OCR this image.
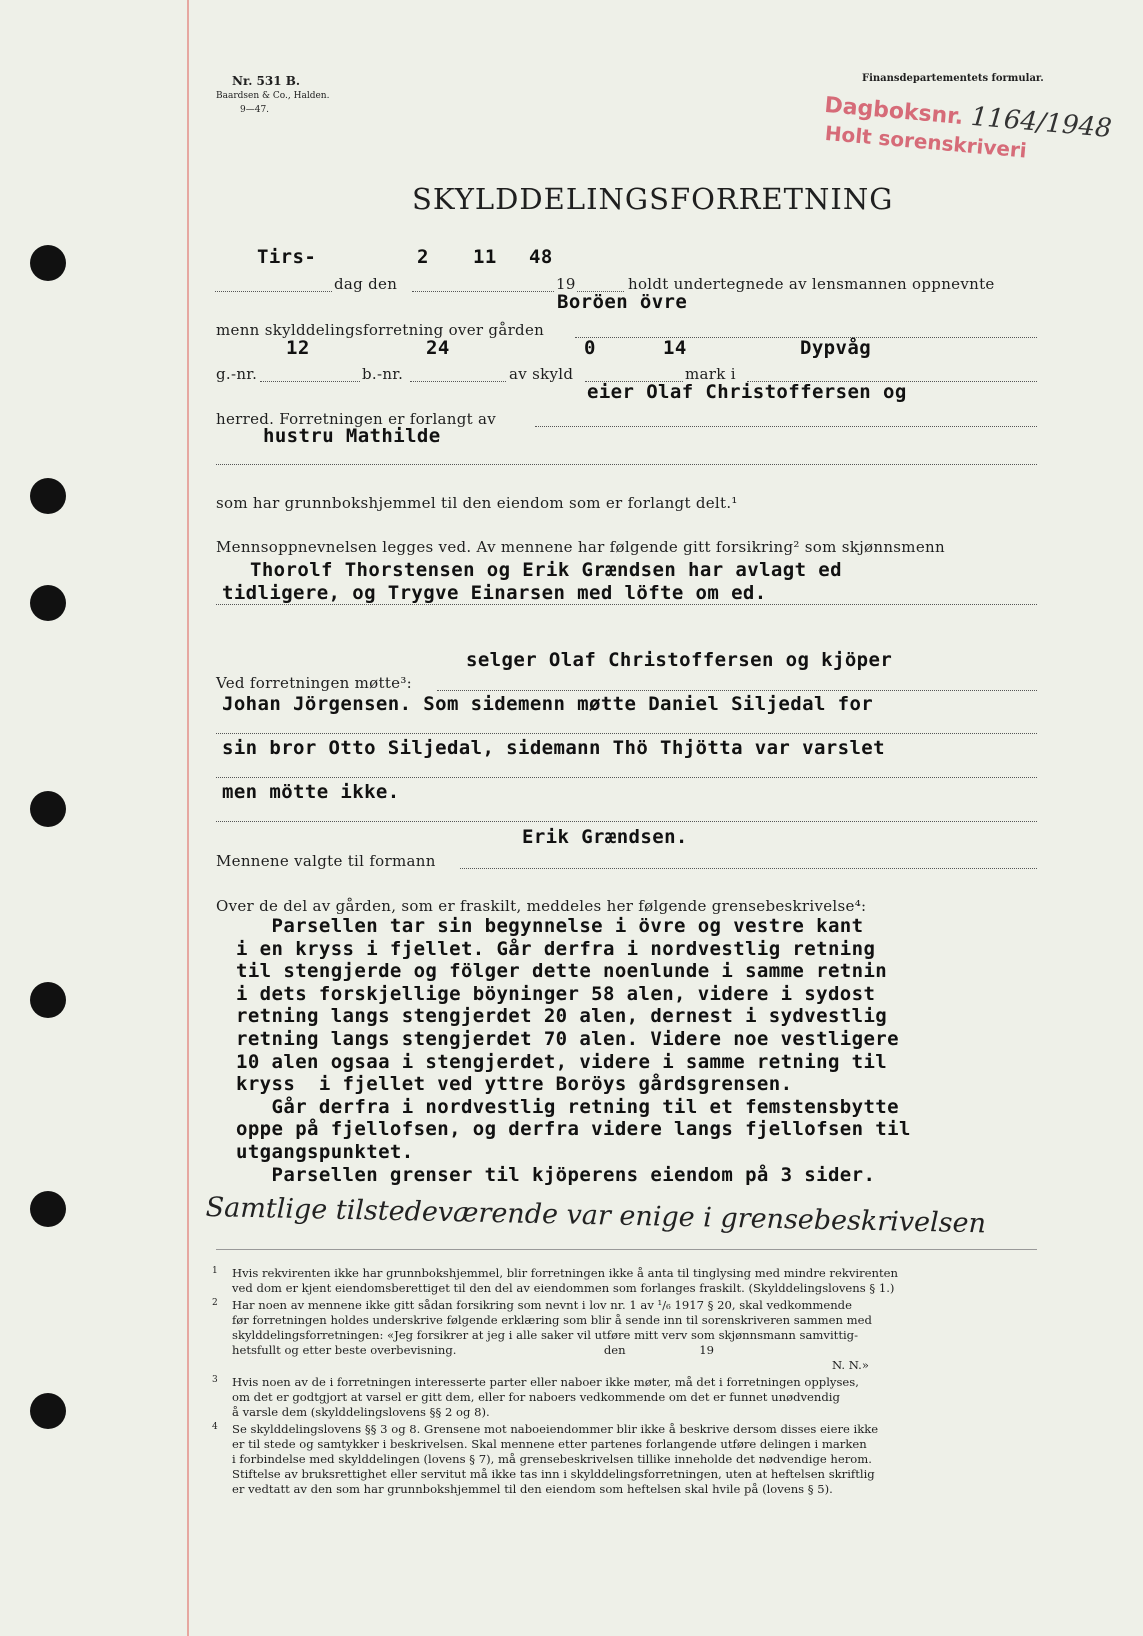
Nr. 531 B.
Baardsen & Co., Halden.
9—47.
Finansdepartementets formular.
Dagboksnr. 1164/1948
Holt sorenskriveri
SKYLDDELINGSFORRETNING
Tirs-	2 11 48
dag den	19	holdt undertegnede av lensmannen oppnevnte
Boröen övre
menn skylddelingsforretning over gården
12	24	0	14	Dypvåg
g.-nr.	b.-nr.	av skyld	mark i
eier Olaf Christoffersen og
herred. Forretningen er forlangt av
hustru Mathilde
som har grunnbokshjemmel til den eiendom som er forlangt delt.¹
Mennsoppnevnelsen legges ved. Av mennene har følgende gitt forsikring² som skjønnsmenn
Thorolf Thorstensen og Erik Grændsen har avlagt ed
tidligere, og Trygve Einarsen med löfte om ed.
selger Olaf Christoffersen og kjöper
Ved forretningen møtte³:
Johan Jörgensen. Som sidemenn møtte Daniel Siljedal for
sin bror Otto Siljedal, sidemann Thö Thjötta var varslet
men mötte ikke.
Erik Grændsen.
Mennene valgte til formann
Over de del av gården, som er fraskilt, meddeles her følgende grensebeskrivelse⁴:
Parsellen tar sin begynnelse i övre og vestre kant
i en kryss i fjellet. Går derfra i nordvestlig retning
til stengjerde og fölger dette noenlunde i samme retnin
i dets forskjellige böyninger 58 alen, videre i sydost
retning langs stengjerdet 20 alen, dernest i sydvestlig
retning langs stengjerdet 70 alen. Videre noe vestligere
10 alen ogsaa i stengjerdet, videre i samme retning til
kryss  i fjellet ved yttre Boröys gårdsgrensen.
Går derfra i nordvestlig retning til et femstensbytte
oppe på fjellofsen, og derfra videre langs fjellofsen til
utgangspunktet.
Parsellen grenser til kjöperens eiendom på 3 sider.
Samtlige tilstedeværende var enige i grensebeskrivelsen
1	Hvis rekvirenten ikke har grunnbokshjemmel, blir forretningen ikke å anta til tinglysing med mindre rekvirenten
ved dom er kjent eiendomsberettiget til den del av eiendommen som forlanges fraskilt. (Skylddelingslovens § 1.)
2	Har noen av mennene ikke gitt sådan forsikring som nevnt i lov nr. 1 av ¹/₆ 1917 § 20, skal vedkommende
før forretningen holdes underskrive følgende erklæring som blir å sende inn til sorenskriveren sammen med
skylddelingsforretningen: «Jeg forsikrer at jeg i alle saker vil utføre mitt verv som skjønnsmann samvittig-
hetsfullt og etter beste overbevisning.                                        den                    19
N. N.»
3	Hvis noen av de i forretningen interesserte parter eller naboer ikke møter, må det i forretningen opplyses,
om det er godtgjort at varsel er gitt dem, eller for naboers vedkommende om det er funnet unødvendig
å varsle dem (skylddelingslovens §§ 2 og 8).
4	Se skylddelingslovens §§ 3 og 8. Grensene mot naboeiendommer blir ikke å beskrive dersom disses eiere ikke
er til stede og samtykker i beskrivelsen. Skal mennene etter partenes forlangende utføre delingen i marken
i forbindelse med skylddelingen (lovens § 7), må grensebeskrivelsen tillike inneholde det nødvendige herom.
Stiftelse av bruksrettighet eller servitut må ikke tas inn i skylddelingsforretningen, uten at heftelsen skriftlig
er vedtatt av den som har grunnbokshjemmel til den eiendom som heftelsen skal hvile på (lovens § 5).
